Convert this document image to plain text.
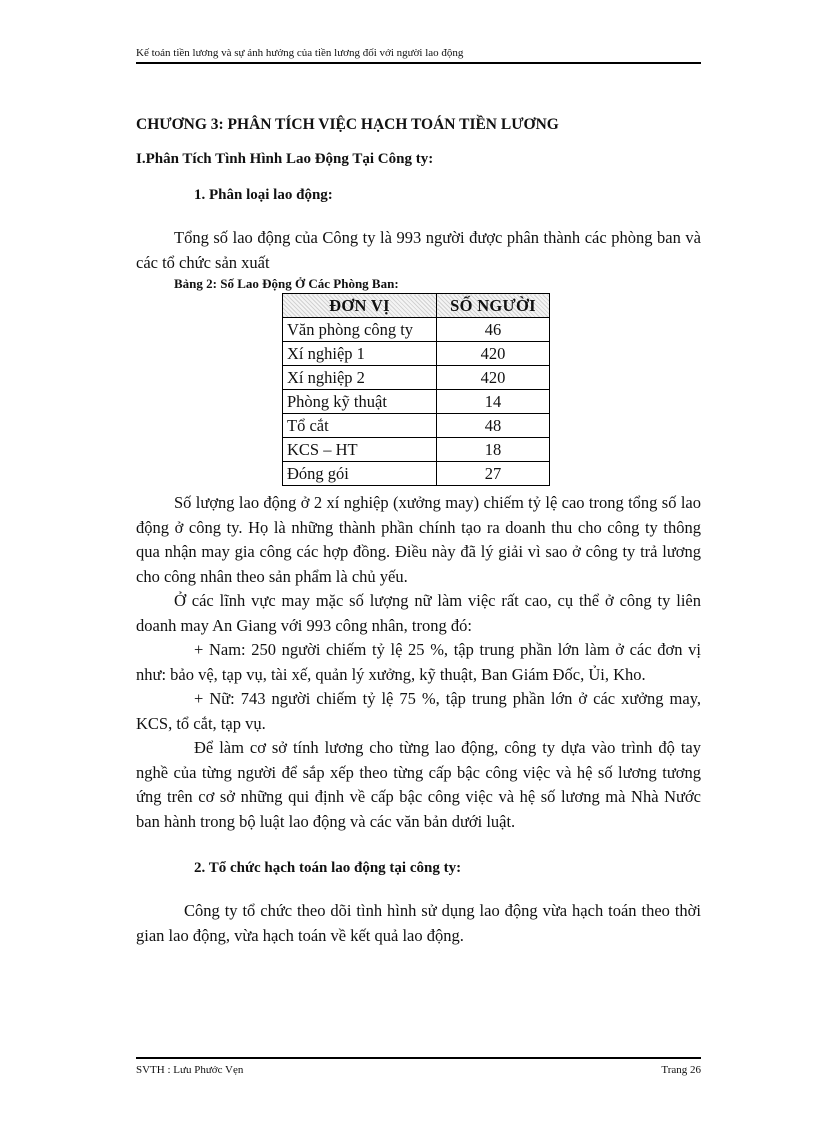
Kế toán tiền lương và sự ảnh hưởng của tiền lương đối với người lao động
CHƯƠNG 3: PHÂN TÍCH VIỆC HẠCH TOÁN TIỀN LƯƠNG
I.Phân Tích Tình Hình Lao Động Tại Công ty:
1. Phân loại lao động:

Tổng số lao động của Công ty là 993 người được phân thành các phòng ban và các tổ chức sản xuất

Bảng 2: Số Lao Động Ở Các Phòng Ban:
ĐƠN VỊ	SỐ NGƯỜI
Văn phòng công ty	46
Xí nghiệp 1	420
Xí nghiệp 2	420
Phòng kỹ thuật	14
Tổ cắt	48
KCS – HT	18
Đóng gói	27

Số lượng lao động ở 2 xí nghiệp (xưởng may) chiếm tỷ lệ cao trong tổng số lao động ở công ty. Họ là những thành phần chính tạo ra doanh thu cho công ty thông qua nhận may gia công các hợp đồng. Điều này đã lý giải vì sao ở công ty trả lương cho công nhân theo sản phẩm là chủ yếu.

Ở các lĩnh vực may mặc số lượng nữ làm việc rất cao, cụ thể ở công ty liên doanh may An Giang với 993 công nhân, trong đó:

+ Nam: 250 người chiếm tỷ lệ 25 %, tập trung phần lớn làm ở các đơn vị như: bảo vệ, tạp vụ, tài xế, quản lý xưởng, kỹ thuật, Ban Giám Đốc, Ủi, Kho.

+ Nữ: 743 người chiếm tỷ lệ 75 %, tập trung phần lớn ở các xưởng may, KCS, tổ cắt, tạp vụ.

Để làm cơ sở tính lương cho từng lao động, công ty dựa vào trình độ tay nghề của từng người để sắp xếp theo từng cấp bậc công việc và hệ số lương tương ứng trên cơ sở những qui định về cấp bậc công việc và hệ số lương mà Nhà Nước ban hành trong bộ luật lao động và các văn bản dưới luật.

2. Tổ chức hạch toán lao động tại công ty:

Công ty tổ chức theo dõi tình hình sử dụng lao động vừa hạch toán theo thời gian lao động, vừa hạch toán về kết quả lao động.

SVTH : Lưu Phước Vẹn	Trang 26
